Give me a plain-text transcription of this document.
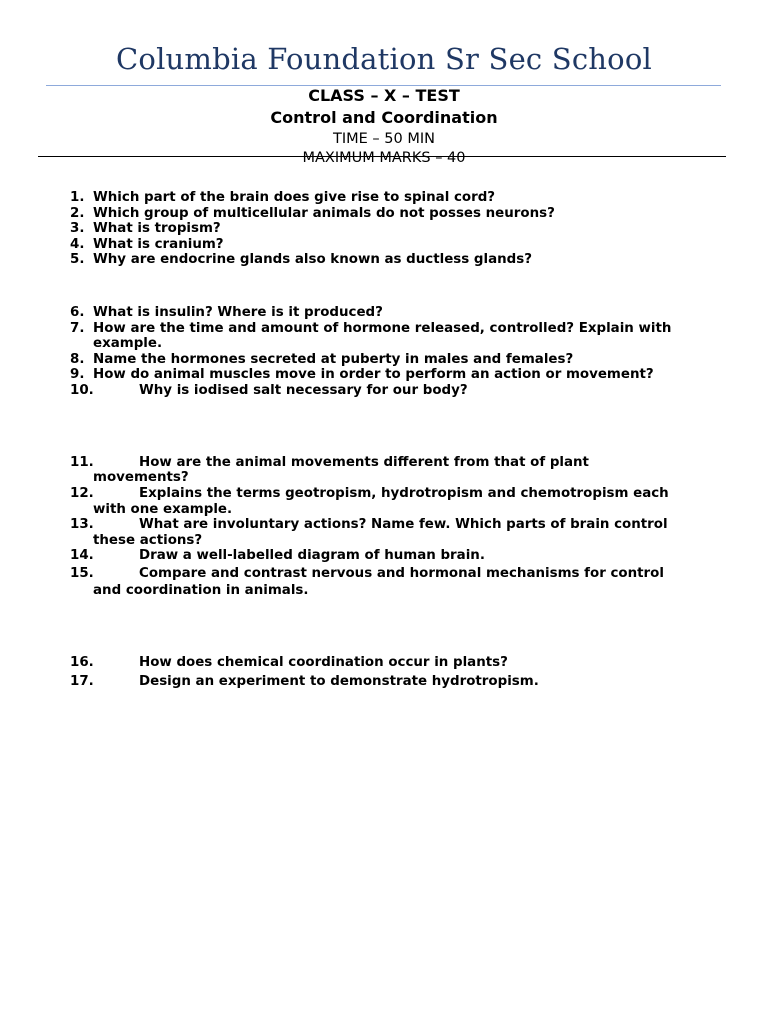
Columbia Foundation Sr Sec School
CLASS – X – TEST
Control and Coordination
TIME – 50 MIN
MAXIMUM MARKS – 40
1. Which part of the brain does give rise to spinal cord?
2. Which group of multicellular animals do not posses neurons?
3. What is tropism?
4. What is cranium?
5. Why are endocrine glands also known as ductless glands?
6. What is insulin? Where is it produced?
7. How are the time and amount of hormone released, controlled? Explain with
example.
8. Name the hormones secreted at puberty in males and females?
9. How do animal muscles move in order to perform an action or movement?
10.	Why is iodised salt necessary for our body?
11.	How are the animal movements different from that of plant
movements?
12.	Explains the terms geotropism, hydrotropism and chemotropism each
with one example.
13.	What are involuntary actions? Name few. Which parts of brain control
these actions?
14.	Draw a well-labelled diagram of human brain.
15.	Compare and contrast nervous and hormonal mechanisms for control
and coordination in animals.
16.	How does chemical coordination occur in plants?
17.	Design an experiment to demonstrate hydrotropism.
